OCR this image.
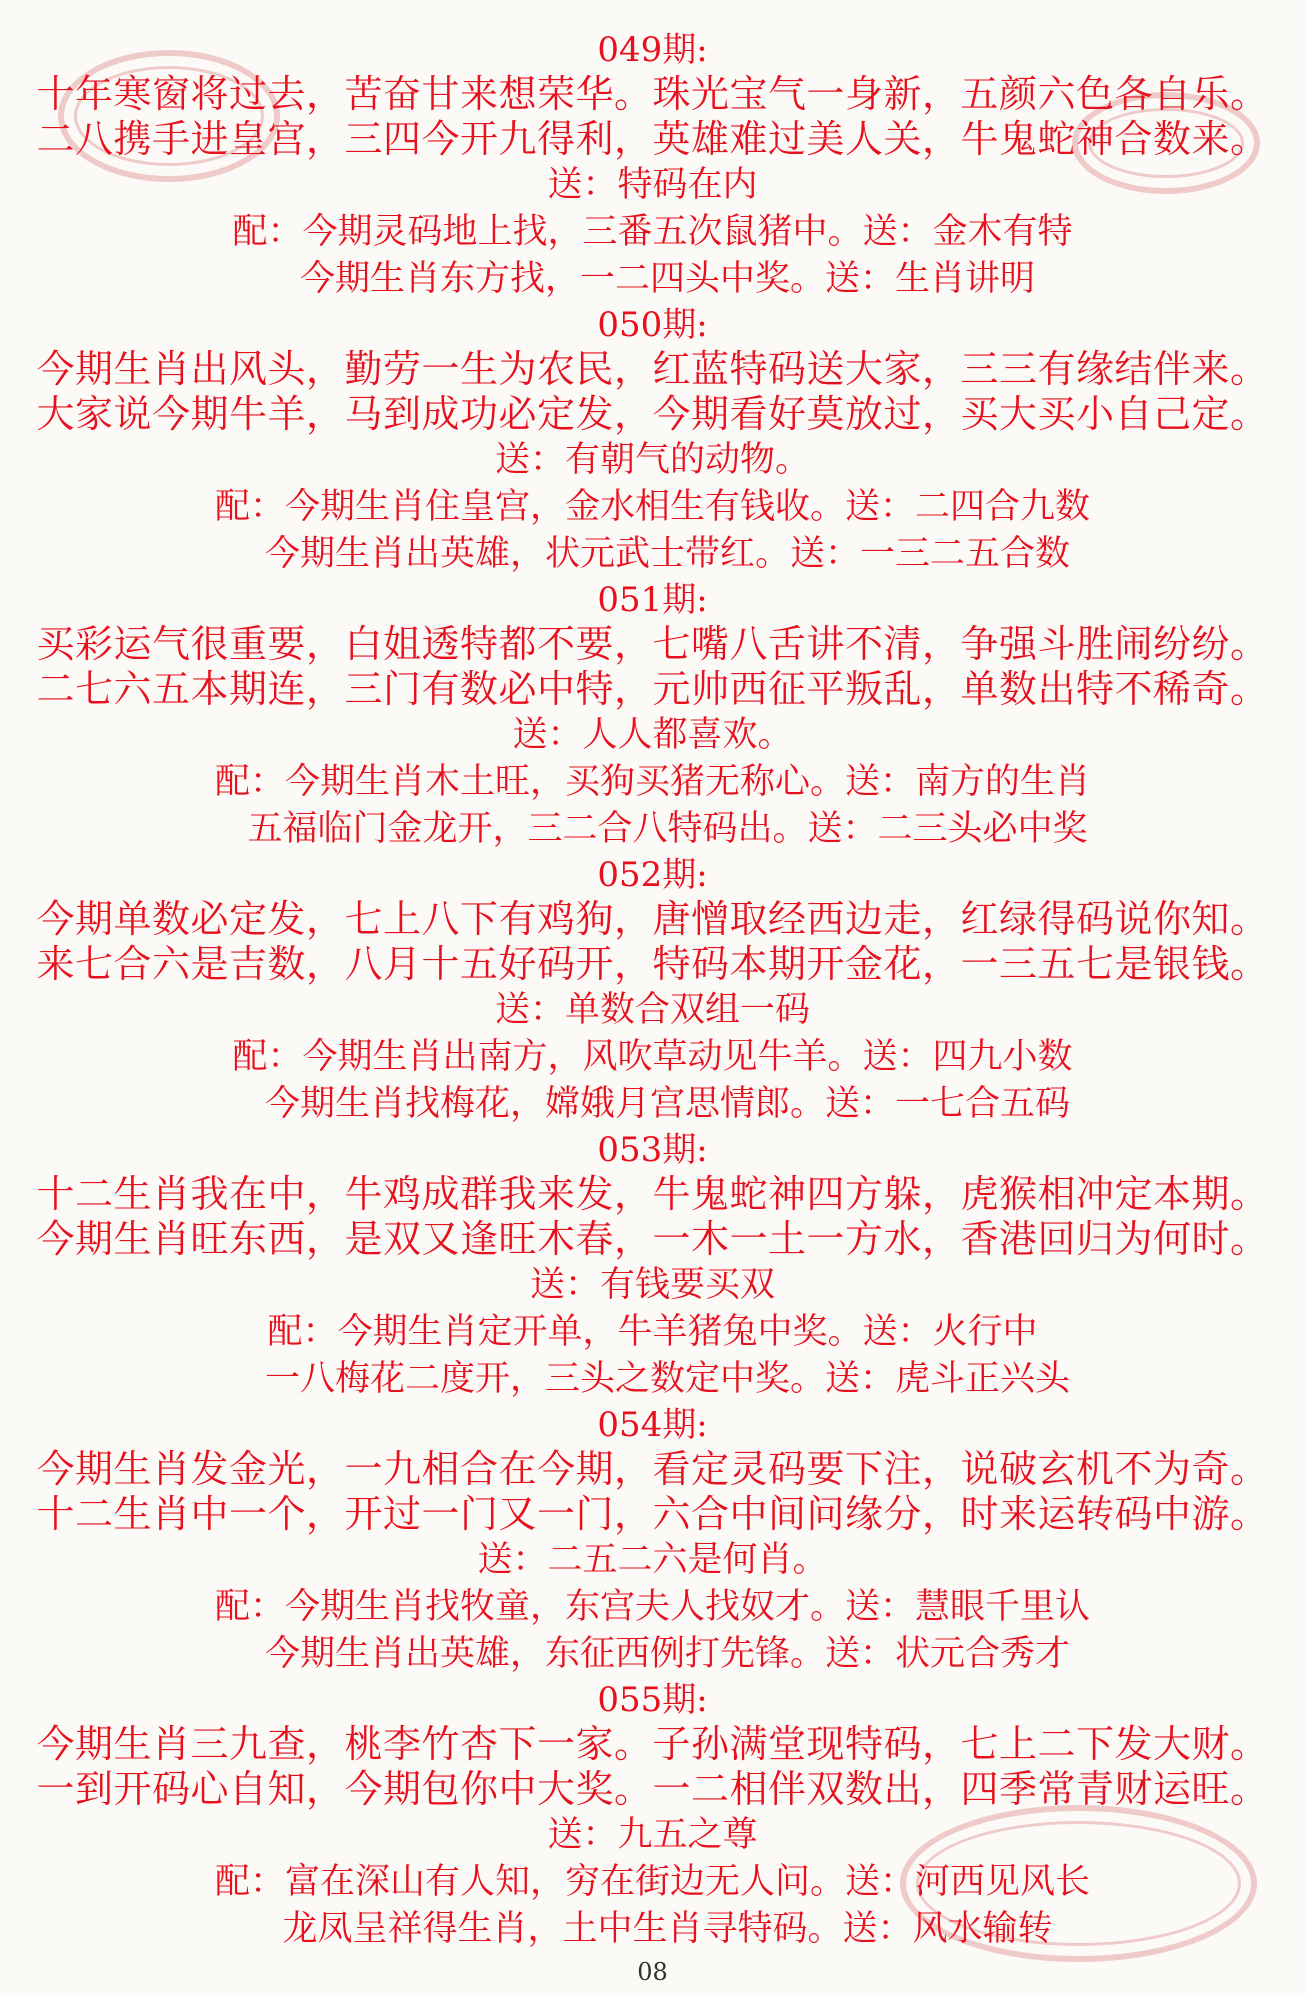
049期:
十年寒窗将过去，苦奋甘来想荣华。珠光宝气一身新，五颜六色各自乐。
二八携手进皇宫，三四今开九得利，英雄难过美人关，牛鬼蛇神合数来。
送：特码在内
配：今期灵码地上找，三番五次鼠猪中。送：金木有特
今期生肖东方找，一二四头中奖。送：生肖讲明
050期:
今期生肖出风头，勤劳一生为农民，红蓝特码送大家，三三有缘结伴来。
大家说今期牛羊，马到成功必定发，今期看好莫放过，买大买小自己定。
送：有朝气的动物。
配：今期生肖住皇宫，金水相生有钱收。送：二四合九数
今期生肖出英雄，状元武士带红。送：一三二五合数
051期:
买彩运气很重要，白姐透特都不要，七嘴八舌讲不清，争强斗胜闹纷纷。
二七六五本期连，三门有数必中特，元帅西征平叛乱，单数出特不稀奇。
送：人人都喜欢。
配：今期生肖木土旺，买狗买猪无称心。送：南方的生肖
五福临门金龙开，三二合八特码出。送：二三头必中奖
052期:
今期单数必定发，七上八下有鸡狗，唐憎取经西边走，红绿得码说你知。
来七合六是吉数，八月十五好码开，特码本期开金花，一三五七是银钱。
送：单数合双组一码
配：今期生肖出南方，风吹草动见牛羊。送：四九小数
今期生肖找梅花，嫦娥月宫思情郎。送：一七合五码
053期:
十二生肖我在中，牛鸡成群我来发，牛鬼蛇神四方躲，虎猴相冲定本期。
今期生肖旺东西，是双又逢旺木春，一木一土一方水，香港回归为何时。
送：有钱要买双
配：今期生肖定开单，牛羊猪兔中奖。送：火行中
一八梅花二度开，三头之数定中奖。送：虎斗正兴头
054期:
今期生肖发金光，一九相合在今期，看定灵码要下注，说破玄机不为奇。
十二生肖中一个，开过一门又一门，六合中间问缘分，时来运转码中游。
送：二五二六是何肖。
配：今期生肖找牧童，东宫夫人找奴才。送：慧眼千里认
今期生肖出英雄，东征西例打先锋。送：状元合秀才
055期:
今期生肖三九查，桃李竹杏下一家。子孙满堂现特码，七上二下发大财。
一到开码心自知，今期包你中大奖。一二相伴双数出，四季常青财运旺。
送：九五之尊
配：富在深山有人知，穷在街边无人问。送：河西见风长
龙凤呈祥得生肖，土中生肖寻特码。送：风水输转
08
